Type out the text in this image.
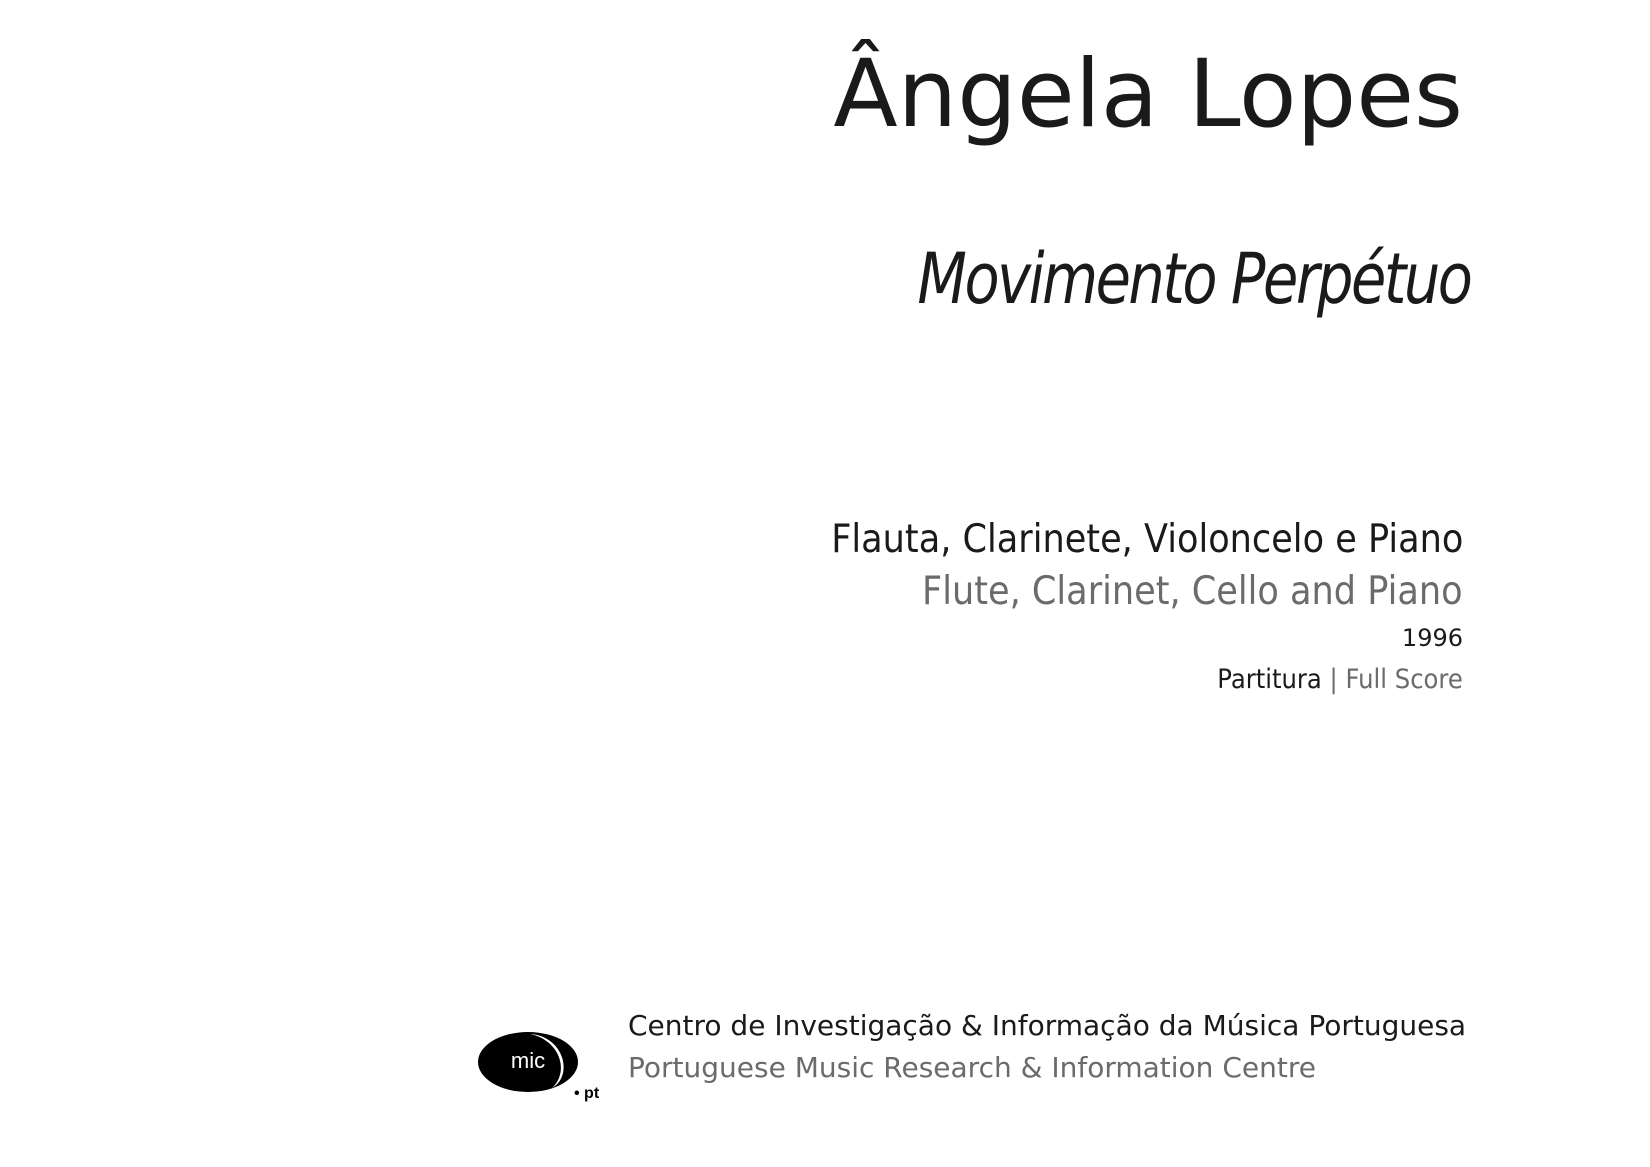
Ângela Lopes
Movimento Perpétuo
Flauta, Clarinete, Violoncelo e Piano
Flute, Clarinet, Cello and Piano
1996
Partitura | Full Score
mic
• pt
Centro de Investigação & Informação da Música Portuguesa
Portuguese Music Research & Information Centre
